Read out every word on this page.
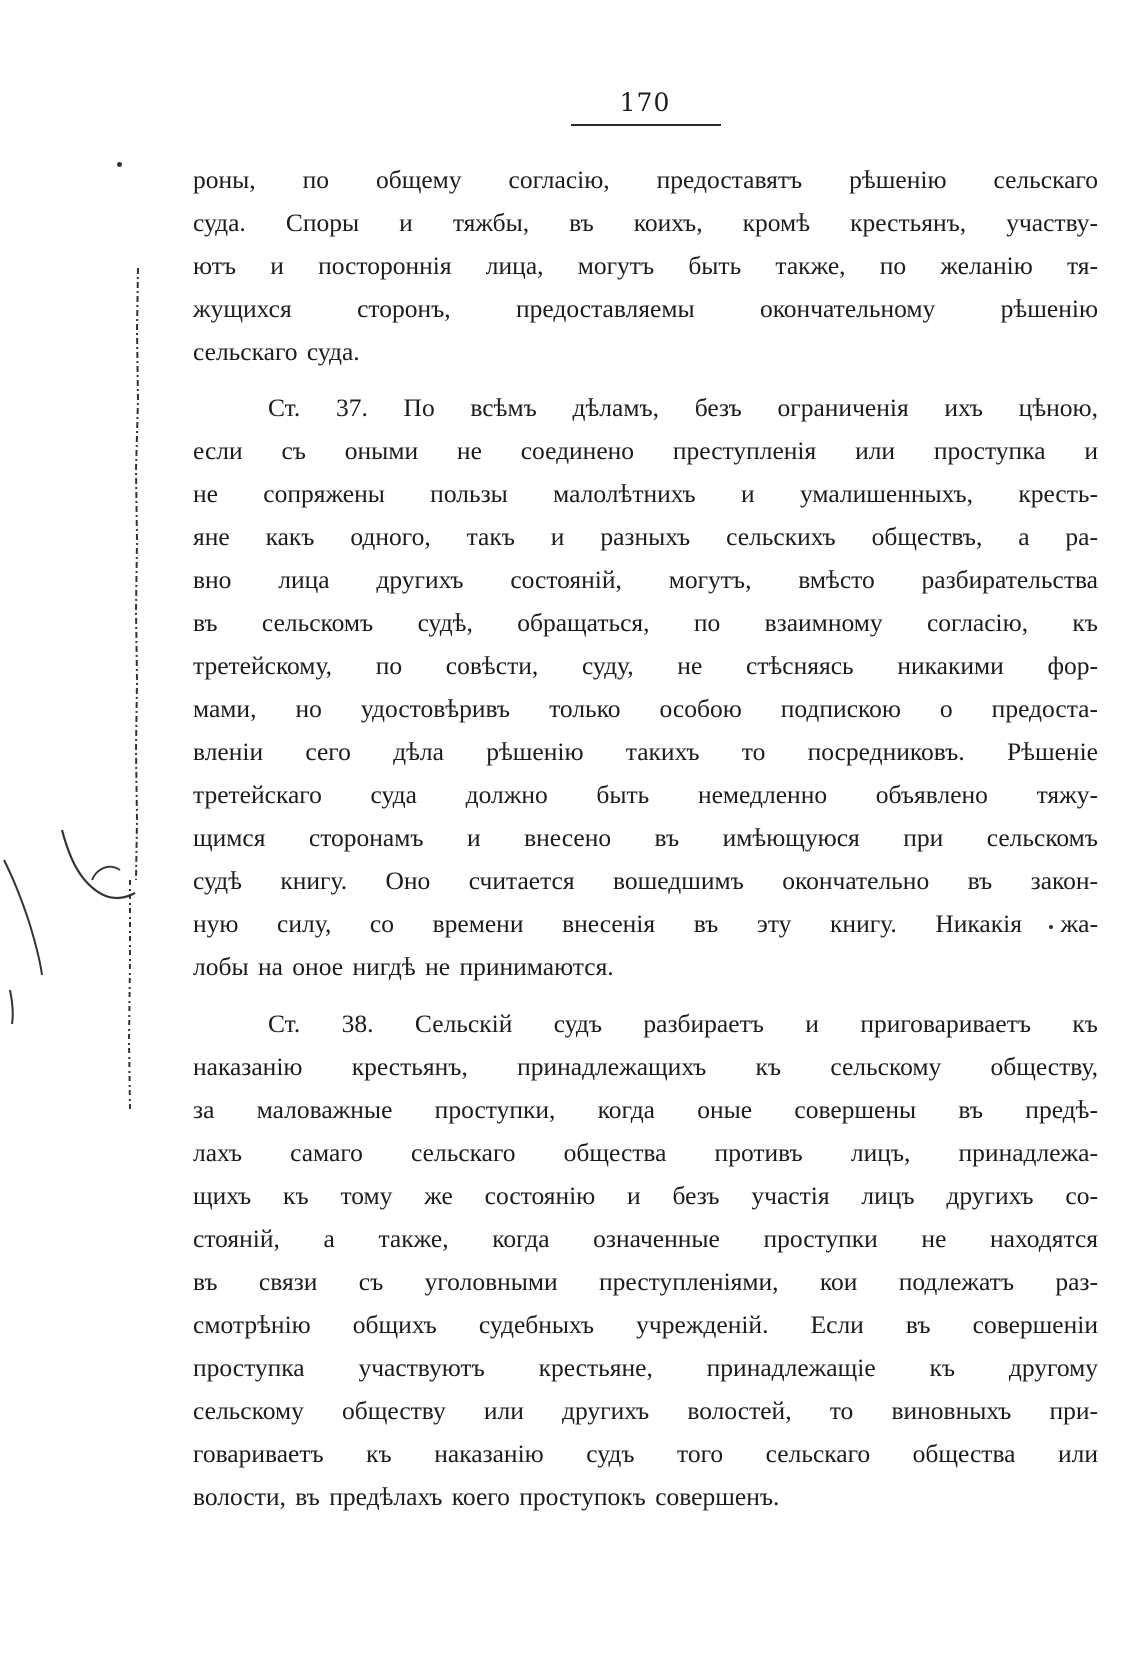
170
роны, по общему согласію, предоставятъ рѣшенію сельскаго
суда. Споры и тяжбы, въ коихъ, кромѣ крестьянъ, участву-
ютъ и постороннія лица, могутъ быть также, по желанію тя-
жущихся сторонъ, предоставляемы окончательному рѣшенію
сельскаго суда.
Ст. 37. По всѣмъ дѣламъ, безъ ограниченія ихъ цѣною,
если съ оными не соединено преступленія или проступка и
не сопряжены пользы малолѣтнихъ и умалишенныхъ, кресть-
яне какъ одного, такъ и разныхъ сельскихъ обществъ, а ра-
вно лица другихъ состояній, могутъ, вмѣсто разбирательства
въ сельскомъ судѣ, обращаться, по взаимному согласію, къ
третейскому, по совѣсти, суду, не стѣсняясь никакими фор-
мами, но удостовѣривъ только особою подпискою о предоста-
вленіи сего дѣла рѣшенію такихъ то посредниковъ. Рѣшеніе
третейскаго суда должно быть немедленно объявлено тяжу-
щимся сторонамъ и внесено въ имѣющуюся при сельскомъ
судѣ книгу. Оно считается вошедшимъ окончательно въ закон-
ную силу, со времени внесенія въ эту книгу. Никакія жа-
лобы на оное нигдѣ не принимаются.
Ст. 38. Сельскій судъ разбираетъ и приговариваетъ къ
наказанію крестьянъ, принадлежащихъ къ сельскому обществу,
за маловажные проступки, когда оные совершены въ предѣ-
лахъ самаго сельскаго общества противъ лицъ, принадлежа-
щихъ къ тому же состоянію и безъ участія лицъ другихъ со-
стояній, а также, когда означенные проступки не находятся
въ связи съ уголовными преступленіями, кои подлежатъ раз-
смотрѣнію общихъ судебныхъ учрежденій. Если въ совершеніи
проступка участвуютъ крестьяне, принадлежащіе къ другому
сельскому обществу или другихъ волостей, то виновныхъ при-
говариваетъ къ наказанію судъ того сельскаго общества или
волости, въ предѣлахъ коего проступокъ совершенъ.
